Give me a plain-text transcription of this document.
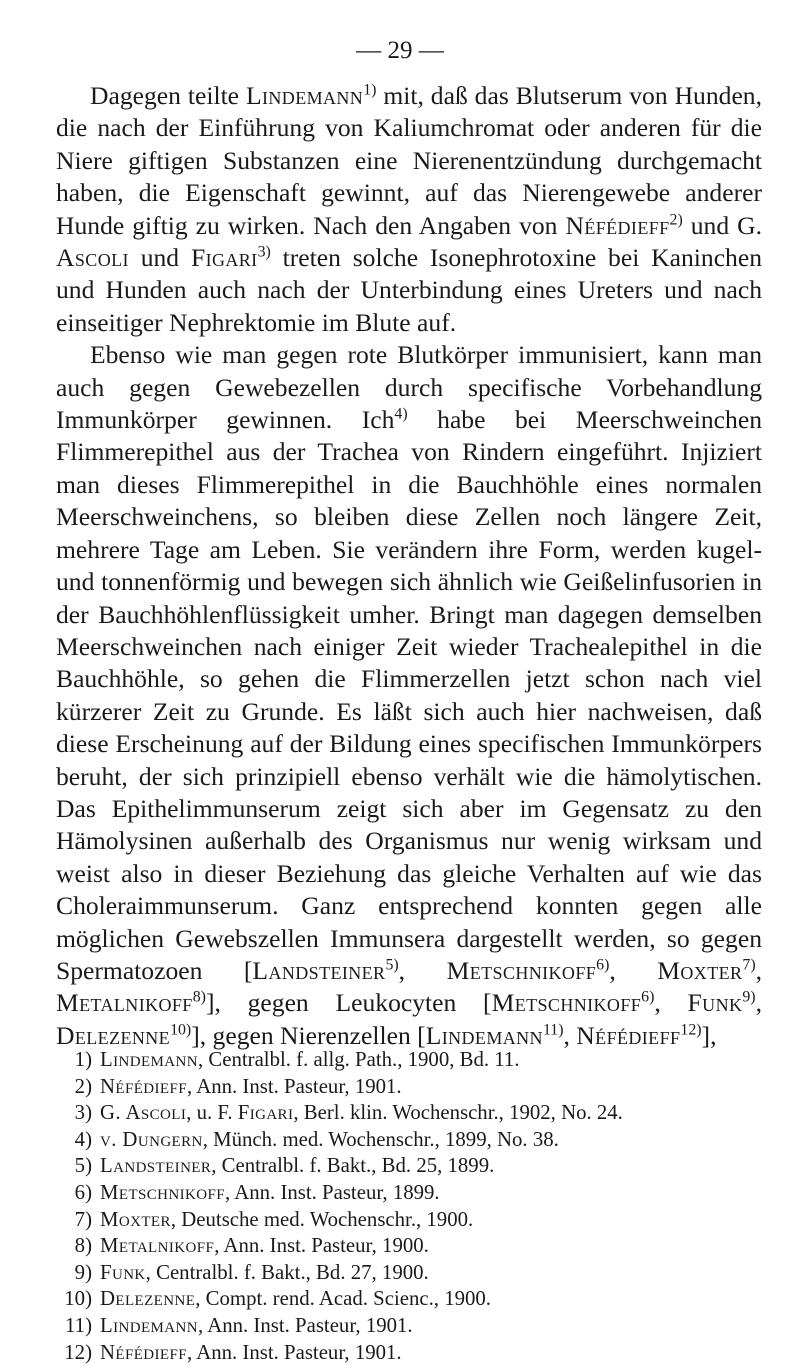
— 29 —

Dagegen teilte Lindemann$^{1)}$ mit, daß das Blutserum von Hunden, die nach der Einführung von Kaliumchromat oder anderen für die Niere giftigen Substanzen eine Nierenentzündung durchgemacht haben, die Eigenschaft gewinnt, auf das Nierengewebe anderer Hunde giftig zu wirken. Nach den Angaben von Néfédieff$^{2)}$ und G. Ascoli und Figari$^{3)}$ treten solche Isonephrotoxine bei Kaninchen und Hunden auch nach der Unterbindung eines Ureters und nach einseitiger Nephrektomie im Blute auf.

Ebenso wie man gegen rote Blutkörper immunisiert, kann man auch gegen Gewebezellen durch specifische Vorbehandlung Immunkörper gewinnen. Ich$^{4)}$ habe bei Meerschweinchen Flimmerepithel aus der Trachea von Rindern eingeführt. Injiziert man dieses Flimmerepithel in die Bauchhöhle eines normalen Meerschweinchens, so bleiben diese Zellen noch längere Zeit, mehrere Tage am Leben. Sie verändern ihre Form, werden kugel- und tonnenförmig und bewegen sich ähnlich wie Geißelinfusorien in der Bauchhöhlenflüssigkeit umher. Bringt man dagegen demselben Meerschweinchen nach einiger Zeit wieder Trachealepithel in die Bauchhöhle, so gehen die Flimmerzellen jetzt schon nach viel kürzerer Zeit zu Grunde. Es läßt sich auch hier nachweisen, daß diese Erscheinung auf der Bildung eines specifischen Immunkörpers beruht, der sich prinzipiell ebenso verhält wie die hämolytischen. Das Epithelimmunserum zeigt sich aber im Gegensatz zu den Hämolysinen außerhalb des Organismus nur wenig wirksam und weist also in dieser Beziehung das gleiche Verhalten auf wie das Choleraimmunserum. Ganz entsprechend konnten gegen alle möglichen Gewebszellen Immunsera dargestellt werden, so gegen Spermatozoen [Landsteiner$^{5)}$, Metschnikoff$^{6)}$, Moxter$^{7)}$, Metalnikoff$^{8)}$], gegen Leukocyten [Metschnikoff$^{6)}$, Funk$^{9)}$, Delezenne$^{10)}$], gegen Nierenzellen [Lindemann$^{11)}$, Néfédieff$^{12)}$],

1) Lindemann, Centralbl. f. allg. Path., 1900, Bd. 11.
2) Néfédieff, Ann. Inst. Pasteur, 1901.
3) G. Ascoli, u. F. Figari, Berl. klin. Wochenschr., 1902, No. 24.
4) v. Dungern, Münch. med. Wochenschr., 1899, No. 38.
5) Landsteiner, Centralbl. f. Bakt., Bd. 25, 1899.
6) Metschnikoff, Ann. Inst. Pasteur, 1899.
7) Moxter, Deutsche med. Wochenschr., 1900.
8) Metalnikoff, Ann. Inst. Pasteur, 1900.
9) Funk, Centralbl. f. Bakt., Bd. 27, 1900.
10) Delezenne, Compt. rend. Acad. Scienc., 1900.
11) Lindemann, Ann. Inst. Pasteur, 1901.
12) Néfédieff, Ann. Inst. Pasteur, 1901.
